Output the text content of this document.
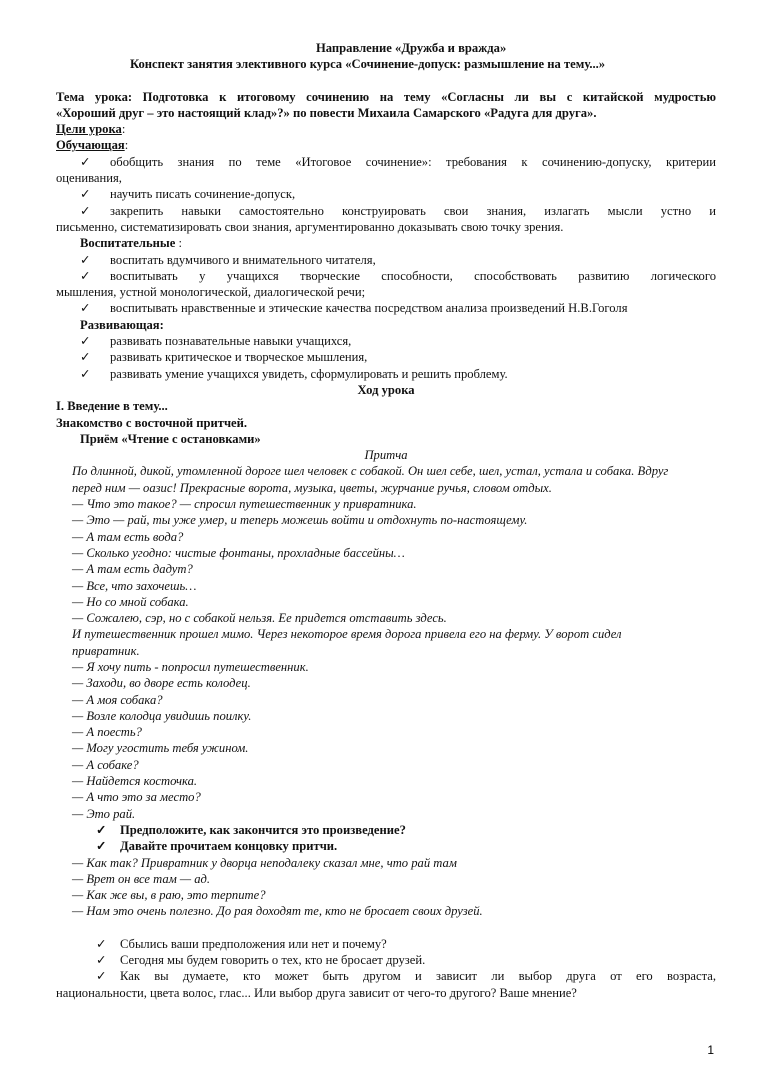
Направление «Дружба и вражда»
Конспект занятия элективного курса «Сочинение-допуск: размышление на тему...»
Тема урока: Подготовка к итоговому сочинению на тему «Согласны ли вы с китайской мудростью
«Хороший друг – это настоящий клад»?» по повести Михаила Самарского «Радуга для друга».
Цели урока:
Обучающая:
✓ обобщить знания по теме «Итоговое сочинение»: требования к сочинению-допуску, критерии
оценивания,
✓ научить писать сочинение-допуск,
✓ закрепить навыки самостоятельно конструировать свои знания, излагать мысли устно и
письменно, систематизировать свои знания, аргументированно доказывать свою точку зрения.
Воспитательные :
✓ воспитать вдумчивого и внимательного читателя,
✓ воспитывать у учащихся творческие способности, способствовать развитию логического
мышления, устной монологической, диалогической речи;
✓ воспитывать нравственные и этические качества посредством анализа произведений Н.В.Гоголя
Развивающая:
✓ развивать познавательные навыки учащихся,
✓ развивать критическое и творческое мышления,
✓ развивать умение учащихся увидеть, сформулировать и решить проблему.
Ход урока
I. Введение в тему...
Знакомство с восточной притчей.
Приём «Чтение с остановками»
Притча
По длинной, дикой, утомленной дороге шел человек с собакой. Он шел себе, шел, устал, устала и собака. Вдруг
перед ним — оазис! Прекрасные ворота, музыка, цветы, журчание ручья, словом отдых.
— Что это такое? — спросил путешественник у привратника.
— Это — рай, ты уже умер, и теперь можешь войти и отдохнуть по-настоящему.
— А там есть вода?
— Сколько угодно: чистые фонтаны, прохладные бассейны…
— А там есть дадут?
— Все, что захочешь…
— Но со мной собака.
— Сожалею, сэр, но с собакой нельзя. Ее придется отставить здесь.
И путешественник прошел мимо. Через некоторое время дорога привела его на ферму. У ворот сидел
привратник.
— Я хочу пить - попросил путешественник.
— Заходи, во дворе есть колодец.
— А моя собака?
— Возле колодца увидишь поилку.
— А поесть?
— Могу угостить тебя ужином.
— А собаке?
— Найдется косточка.
— А что это за место?
— Это рай.
✓ Предположите, как закончится это произведение?
✓ Давайте прочитаем концовку притчи.
— Как так? Привратник у дворца неподалеку сказал мне, что рай там
— Врет он все там — ад.
— Как же вы, в раю, это терпите?
— Нам это очень полезно. До рая доходят те, кто не бросает своих друзей.
✓ Сбылись ваши предположения или нет и почему?
✓ Сегодня мы будем говорить о тех, кто не бросает друзей.
✓ Как вы думаете, кто может быть другом и зависит ли выбор друга от его возраста,
национальности, цвета волос, глас... Или выбор друга зависит от чего-то другого? Ваше мнение?
1
